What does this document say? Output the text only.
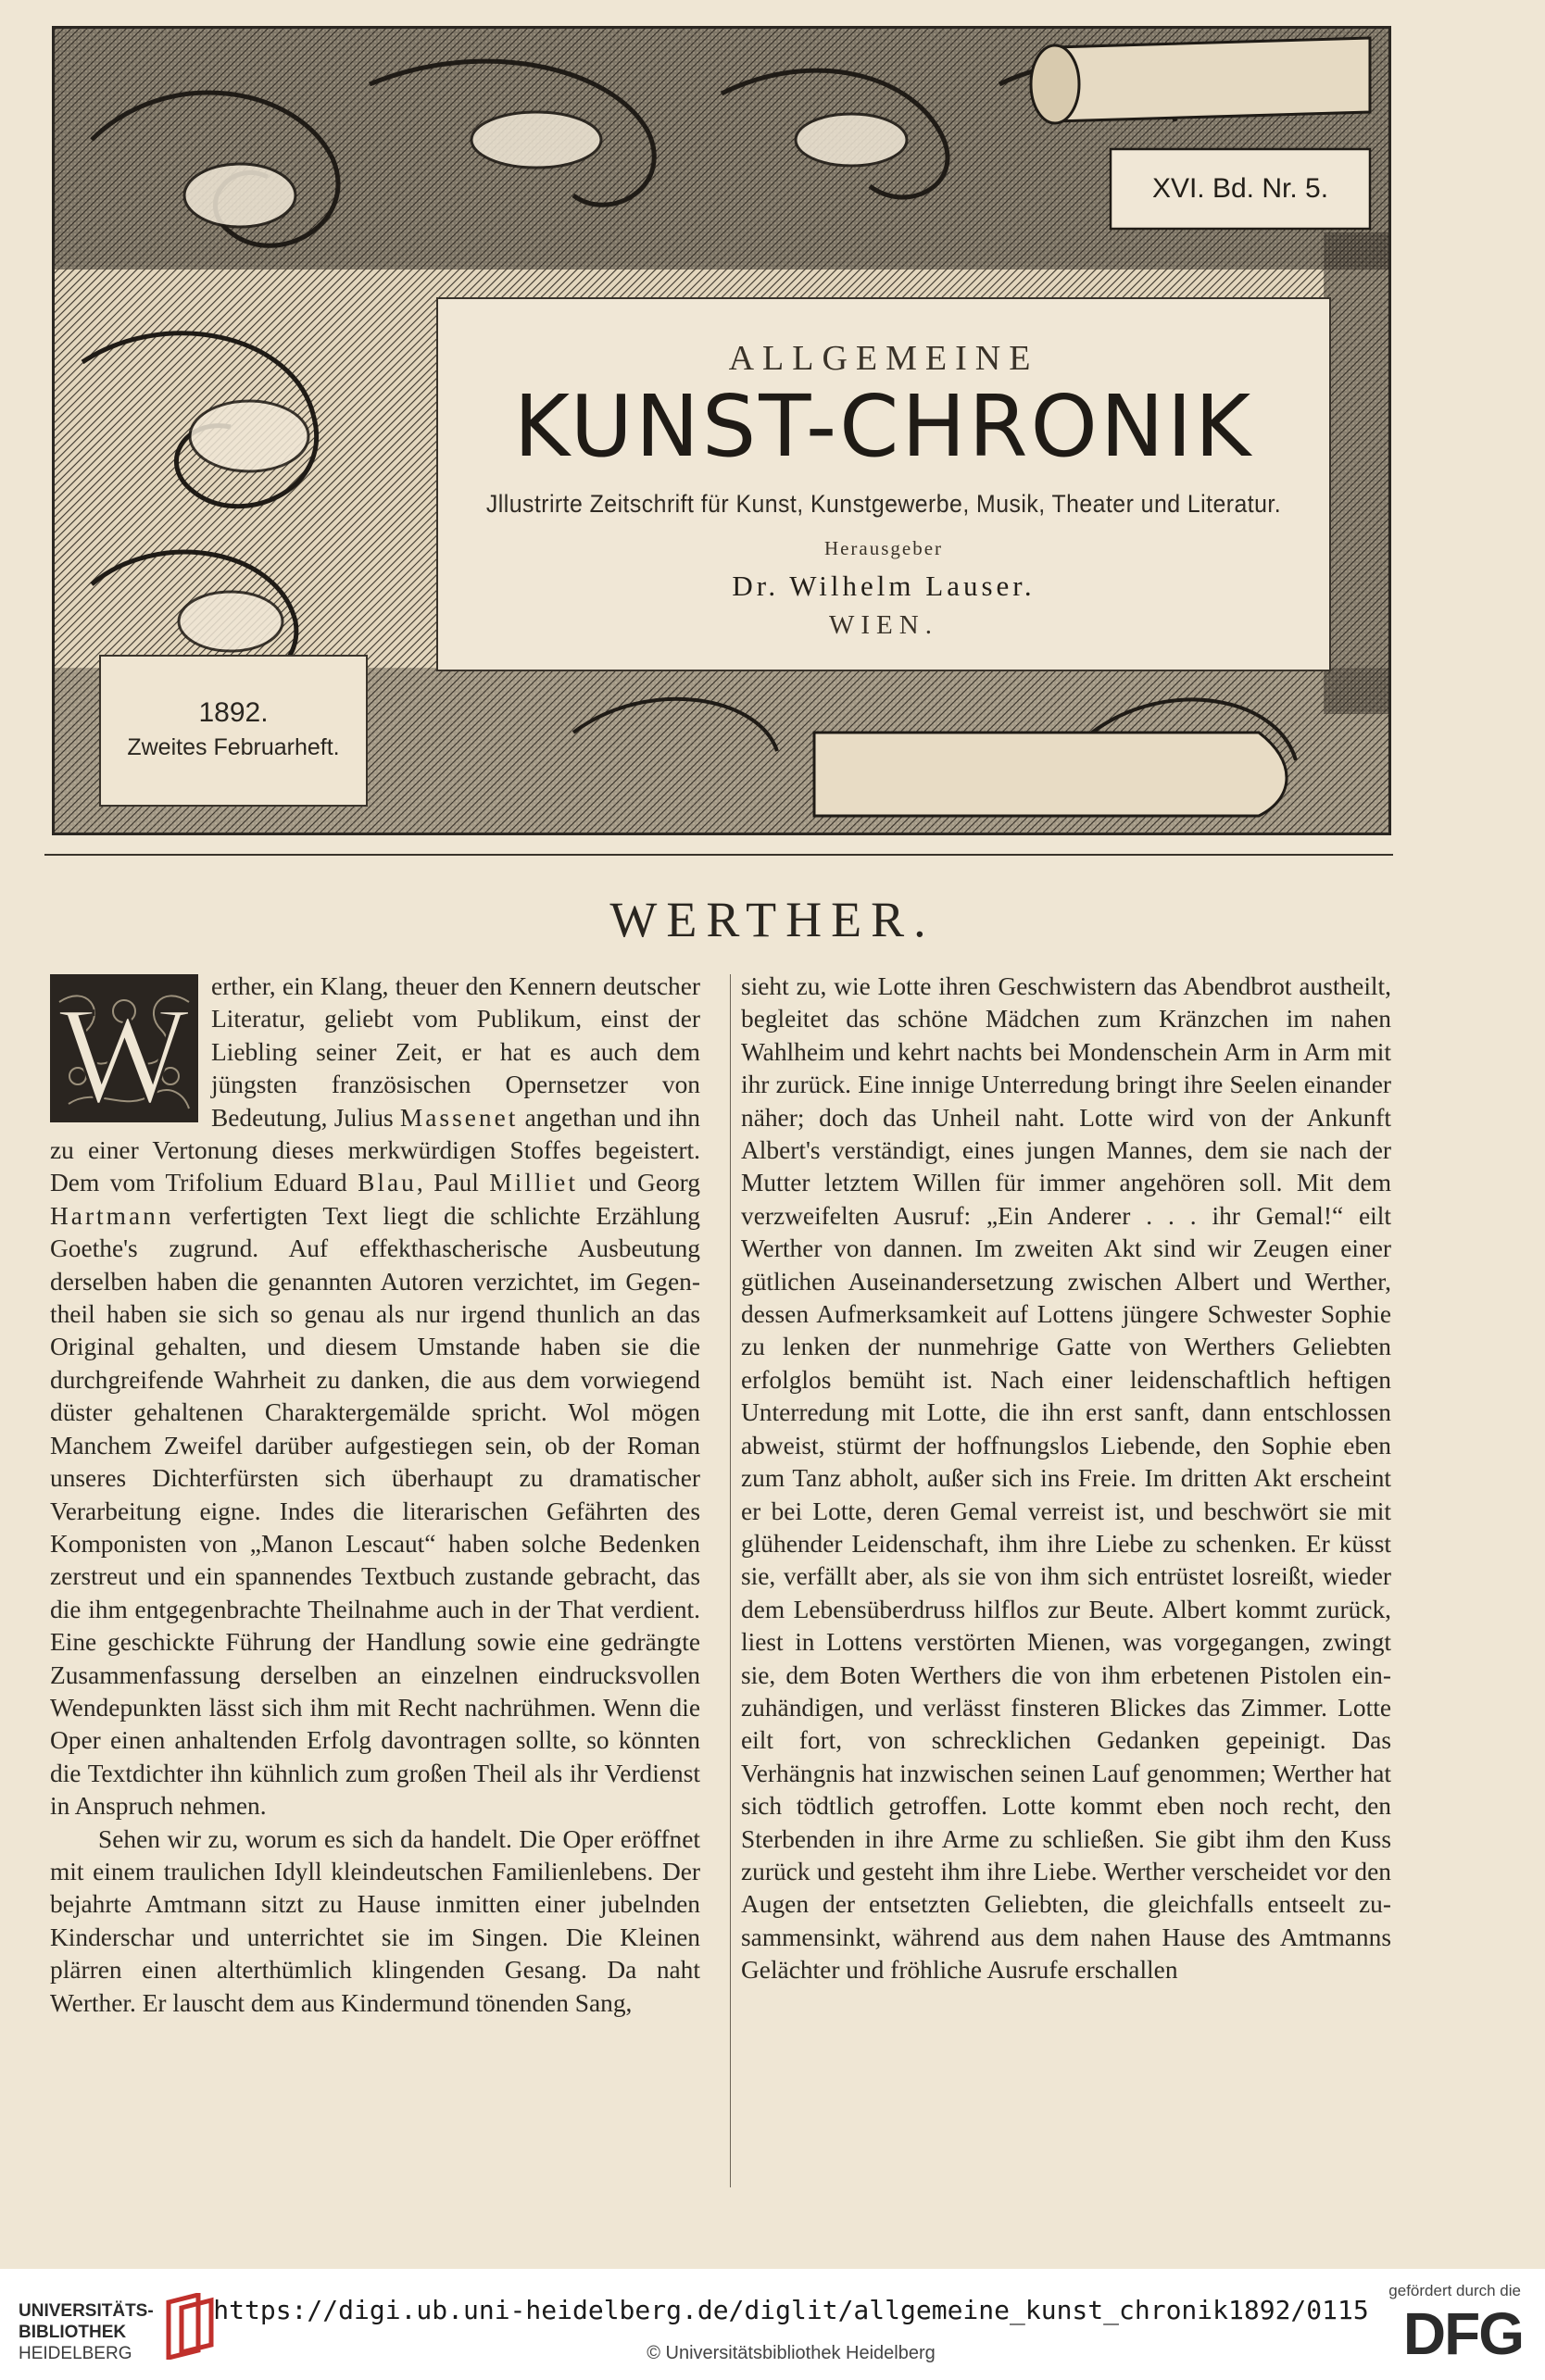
XVI. Bd. Nr. 5.
ALLGEMEINE
KUNST-CHRONIK
Jllustrirte Zeitschrift für Kunst, Kunstgewerbe, Musik, Theater und Literatur.
Herausgeber
Dr. Wilhelm Lauser.
WIEN.
1892.
Zweites Februarheft.
WERTHER.
W erther, ein Klang, theuer den Kennern deutscher Literatur, geliebt vom Publikum, einst der Liebling seiner Zeit, er hat es auch dem jüngsten französischen Opernsetzer von Bedeutung, Julius Massenet angethan und ihn zu einer Vertonung dieses merkwürdigen Stoffes begeistert. Dem vom Trifolium Eduard Blau, Paul Milliet und Georg Hartmann verfertigten Text liegt die schlichte Erzählung Goethe's zugrund. Auf effekthascherische Ausbeutung derselben haben die genannten Autoren verzichtet, im Gegentheil haben sie sich so genau als nur irgend thunlich an das Original gehalten, und diesem Umstande haben sie die durchgreifende Wahrheit zu danken, die aus dem vorwiegend düster gehaltenen Charaktergemälde spricht. Wol mögen Manchem Zweifel darüber aufgestiegen sein, ob der Roman unseres Dichterfürsten sich überhaupt zu dramatischer Verarbeitung eigne. Indes die literarischen Gefährten des Komponisten von „Manon Lescaut“ haben solche Bedenken zerstreut und ein spannendes Textbuch zustande gebracht, das die ihm entgegenbrachte Theilnahme auch in der That verdient. Eine geschickte Führung der Handlung sowie eine gedrängte Zusammenfassung derselben an einzelnen eindrucksvollen Wendepunkten lässt sich ihm mit Recht nachrühmen. Wenn die Oper einen anhaltenden Erfolg davontragen sollte, so könnten die Textdichter ihn kühnlich zum großen Theil als ihr Verdienst in Anspruch nehmen.

Sehen wir zu, worum es sich da handelt. Die Oper eröffnet mit einem traulichen Idyll kleindeutschen Familienlebens. Der bejahrte Amtmann sitzt zu Hause inmitten einer jubelnden Kinderschar und unterrichtet sie im Singen. Die Kleinen plärren einen alterthümlich klingenden Gesang. Da naht Werther. Er lauscht dem aus Kindermund tönenden Sang,

sieht zu, wie Lotte ihren Geschwistern das Abendbrot austheilt, begleitet das schöne Mädchen zum Kränzchen im nahen Wahlheim und kehrt nachts bei Mondenschein Arm in Arm mit ihr zurück. Eine innige Unterredung bringt ihre Seelen einander näher; doch das Unheil naht. Lotte wird von der Ankunft Albert's verständigt, eines jungen Mannes, dem sie nach der Mutter letztem Willen für immer angehören soll. Mit dem verzweifelten Ausruf: „Ein Anderer . . . ihr Gemal!“ eilt Werther von dannen. Im zweiten Akt sind wir Zeugen einer gütlichen Auseinandersetzung zwischen Albert und Werther, dessen Aufmerksamkeit auf Lottens jüngere Schwester Sophie zu lenken der nunmehrige Gatte von Werthers Geliebten erfolglos bemüht ist. Nach einer leidenschaftlich heftigen Unterredung mit Lotte, die ihn erst sanft, dann entschlossen abweist, stürmt der hoffnungslos Liebende, den Sophie eben zum Tanz abholt, außer sich ins Freie. Im dritten Akt erscheint er bei Lotte, deren Gemal verreist ist, und beschwört sie mit glühender Leidenschaft, ihm ihre Liebe zu schenken. Er küsst sie, verfällt aber, als sie von ihm sich entrüstet losreißt, wieder dem Lebensüberdruss hilflos zur Beute. Albert kommt zurück, liest in Lottens verstörten Mienen, was vorgegangen, zwingt sie, dem Boten Werthers die von ihm erbetenen Pistolen einzuhändigen, und verlässt finsteren Blickes das Zimmer. Lotte eilt fort, von schrecklichen Gedanken gepeinigt. Das Verhängnis hat inzwischen seinen Lauf genommen; Werther hat sich tödtlich getroffen. Lotte kommt eben noch recht, den Sterbenden in ihre Arme zu schließen. Sie gibt ihm den Kuss zurück und gesteht ihm ihre Liebe. Werther verscheidet vor den Augen der entsetzten Geliebten, die gleichfalls entseelt zusammensinkt, während aus dem nahen Hause des Amtmanns Gelächter und fröhliche Ausrufe erschallen

UNIVERSITÄTS-
BIBLIOTHEK
HEIDELBERG
https://digi.ub.uni-heidelberg.de/diglit/allgemeine_kunst_chronik1892/0115
© Universitätsbibliothek Heidelberg
gefördert durch die
DFG
